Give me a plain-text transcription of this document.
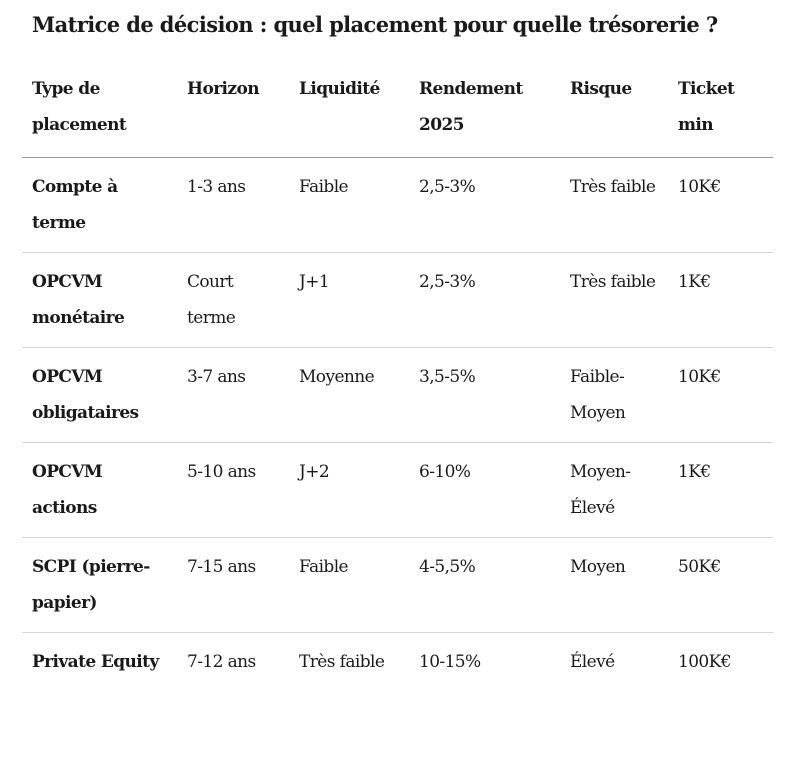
Matrice de décision : quel placement pour quelle trésorerie ?
Type de placement	Horizon	Liquidité	Rendement 2025	Risque	Ticket min
Compte à terme	1-3 ans	Faible	2,5-3%	Très faible	10K€
OPCVM monétaire	Court terme	J+1	2,5-3%	Très faible	1K€
OPCVM obligataires	3-7 ans	Moyenne	3,5-5%	Faible-Moyen	10K€
OPCVM actions	5-10 ans	J+2	6-10%	Moyen-Élevé	1K€
SCPI (pierre-papier)	7-15 ans	Faible	4-5,5%	Moyen	50K€
Private Equity	7-12 ans	Très faible	10-15%	Élevé	100K€
